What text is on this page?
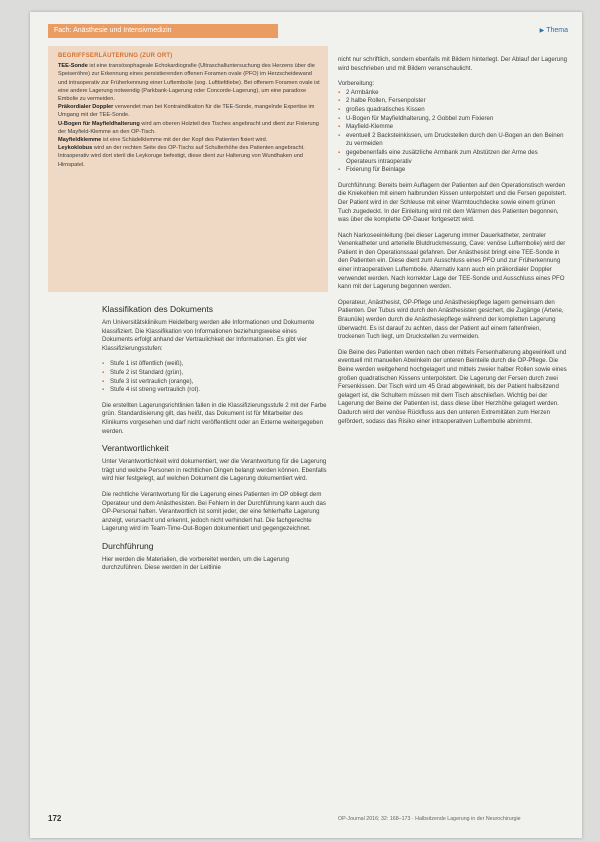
Fach: Anästhesie und Intensivmedizin	▶ Thema
BEGRIFFSERLÄUTERUNG (ZUR ORT)

TEE-Sonde ist eine transösophageale Echokardiografie (Ultraschalluntersuchung des Herzens über die Speiseröhre) zur Erkennung eines persistierenden offenen Foramen ovale (PFO) im Herzscheidewand und intraoperativ zur Früherkennung einer Luftembolie (sog. Lufttiefdiebe). Bei offenem Foramen ovale ist eine andere Lagerung notwendig (Parkbank-Lagerung oder Concorde-Lagerung), um eine paradoxe Embolie zu vermeiden.

Präkordialer Doppler verwendet man bei Kontraindikation für die TEE-Sonde, mangelnde Expertise im Umgang mit der TEE-Sonde.

U-Bogen für Mayfieldhalterung wird am oberen Holzteil des Tisches angebracht und dient zur Fixierung der Mayfield-Klemme an den OP-Tisch.

Mayfieldklemme ist eine Schädelklemme mit der der Kopf des Patienten fixiert wird.

Leykoklobus wird an der rechten Seite des OP-Tischs auf Schulterhöhe des Patienten angebracht. Intraoperativ wird dort steril die Leykoruge befestigt, diese dient zur Halterung von Wundhaken und Hirnspatel.

Klassifikation des Dokuments

Am Universitätsklinikum Heidelberg werden alle Informationen und Dokumente klassifiziert. Die Klassifikation von Informationen beziehungsweise eines Dokuments erfolgt anhand der Vertraulichkeit der Informationen. Es gibt vier Klassifizierungsstufen:

▪ Stufe 1 ist öffentlich (weiß),
▪ Stufe 2 ist Standard (grün),
▪ Stufe 3 ist vertraulich (orange),
▪ Stufe 4 ist streng vertraulich (rot).

Die erstellten Lagerungsrichtlinien fallen in die Klassifizierungsstufe 2 mit der Farbe grün. Standardisierung gilt, das heißt, das Dokument ist für Mitarbeiter des Klinikums vorgesehen und darf nicht veröffentlicht oder an Externe weitergegeben werden.

Verantwortlichkeit

Unter Verantwortlichkeit wird dokumentiert, wer die Verantwortung für die Lagerung trägt und welche Personen in rechtlichen Dingen belangt werden können. Ebenfalls wird hier festgelegt, auf welchen Dokument die Lagerung dokumentiert wird.

Die rechtliche Verantwortung für die Lagerung eines Patienten im OP obliegt dem Operateur und dem Anästhesisten. Bei Fehlern in der Durchführung kann auch das OP-Personal haften. Verantwortlich ist somit jeder, der eine fehlerhafte Lagerung anzeigt, verursacht und erkennt, jedoch nicht verhindert hat. Die fachgerechte Lagerung wird im Team-Time-Out-Bogen dokumentiert und gegengezeichnet.

Durchführung

Hier werden die Materialien, die vorbereitet werden, um die Lagerung durchzuführen. Diese werden in der Leitlinie

nicht nur schriftlich, sondern ebenfalls mit Bildern hinterlegt. Der Ablauf der Lagerung wird beschrieben und mit Bildern veranschaulicht.

Vorbereitung:
▪ 2 Armbänke
▪ 2 halbe Rollen, Fersenpolster
▪ großes quadratisches Kissen
▪ U-Bogen für Mayfieldhalterung, 2 Gobbel zum Fixieren
▪ Mayfield-Klemme
▪ eventuell 2 Backsteinkissen, um Druckstellen durch den U-Bogen an den Beinen zu vermeiden
▪ gegebenenfalls eine zusätzliche Armbank zum Abstützen der Arme des Operateurs intraoperativ
▪ Fixierung für Beinlage

Durchführung: Bereits beim Auflagern der Patienten auf den Operationstisch werden die Kniekehlen mit einem halbrunden Kissen unterpolstert und die Fersen gepolstert. Der Patient wird in der Schleuse mit einer Warmtouchdecke sowie einem grünen Tuch zugedeckt. In der Einleitung wird mit dem Wärmen des Patienten begonnen, was über die komplette OP-Dauer fortgesetzt wird.

Nach Narkoseeinleitung (bei dieser Lagerung immer Dauerkatheter, zentraler Venenkatheter und arterielle Blutdruckmessung, Cave: venöse Luftembolie) wird der Patient in den Operationssaal gefahren. Der Anästhesist bringt eine TEE-Sonde in den Patienten ein. Diese dient zum Ausschluss eines PFO und zur Früherkennung einer intraoperativen Luftembolie. Alternativ kann auch ein präkordialer Doppler verwendet werden. Nach korrekter Lage der TEE-Sonde und Ausschluss eines PFO kann mit der Lagerung begonnen werden.

Operateur, Anästhesist, OP-Pflege und Anästhesiepflege lagern gemeinsam den Patienten. Der Tubus wird durch den Anästhesisten gesichert, die Zugänge (Arterie, Braunüle) werden durch die Anästhesiepflege während der kompletten Lagerung überwacht. Es ist darauf zu achten, dass der Patient auf einem faltenfreien, trockenen Tuch liegt, um Druckstellen zu vermeiden.

Die Beine des Patienten werden nach oben mittels Fersenhalterung abgewinkelt und eventuell mit manuellen Abwinkeln der unteren Beinteile durch die OP-Pflege. Die Beine werden weitgehend hochgelagert und mittels zweier halber Rollen sowie eines großen quadratischen Kissens unterpolstert. Die Lagerung der Fersen durch zwei Fersenkissen. Der Tisch wird um 45 Grad abgewinkelt, bis der Patient halbsitzend gelagert ist, die Schultern müssen mit dem Tisch abschließen. Wichtig bei der Lagerung der Beine der Patienten ist, dass diese über Herzhöhe gelagert werden. Dadurch wird der venöse Rückfluss aus den unteren Extremitäten zum Herzen gefördert, sodass das Risiko einer intraoperativen Luftembolie abnimmt.

172	OP-Journal 2016; 32: 168–173 · Halbsitzende Lagerung in der Neurochirurgie
